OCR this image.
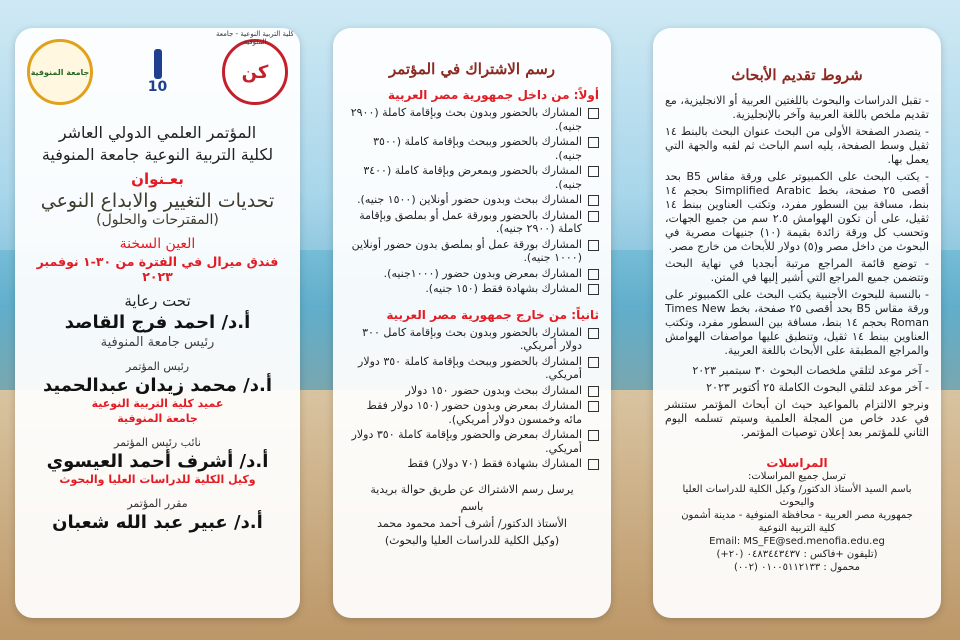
جامعة المنوفية
10
كلية التربية النوعية - جامعة المنوفية
كن
المؤتمر العلمي الدولي العاشر
لكلية التربية النوعية جامعة المنوفية
بعـنوان
تحديات التغيير والابداع النوعي
(المقترحات والحلول)
العين السخنة
فندق ميرال في الفترة من ٣٠-١ نوفمبر ٢٠٢٣
تحت رعاية
أ.د/ احمد فرج القاصد
رئيس جامعة المنوفية
رئيس المؤتمر
أ.د/ محمد زيدان عبدالحميد
عميد كلية التربية النوعية
جامعة المنوفية
نائب رئيس المؤتمر
أ.د/ أشرف أحمد العيسوي
وكيل الكلية للدراسات العليا والبحوث
مقرر المؤتمر
أ.د/ عبير عبد الله شعبان
رسم الاشتراك في المؤتمر
أولاً: من داخل جمهورية مصر العربية
المشارك بالحضور وبدون بحث وبإقامة كاملة (٢٩٠٠ جنيه).
المشارك بالحضور وببحث وبإقامة كاملة (٣٥٠٠ جنيه).
المشارك بالحضور وبمعرض وبإقامة كاملة (٣٤٠٠ جنيه).
المشارك ببحث وبدون حضور أونلاين (١٥٠٠ جنيه).
المشارك بالحضور وبورقة عمل أو بملصق وبإقامة كاملة (٢٩٠٠ جنيه).
المشارك بورقة عمل أو بملصق بدون حضور أونلاين (١٠٠٠ جنيه).
المشارك بمعرض وبدون حضور (١٠٠٠جنيه).
المشارك بشهادة فقط (١٥٠ جنيه).
ثانياً: من خارج جمهورية مصر العربية
المشارك بالحضور وبدون بحث وبإقامة كامل ٣٠٠ دولار أمريكي.
المشارك بالحضور وببحث وبإقامة كاملة ٣٥٠ دولار أمريكي.
المشارك ببحث وبدون حضور ١٥٠ دولار
المشارك بمعرض وبدون حضور (١٥٠ دولار فقط مائه وخمسون دولار أمريكي).
المشارك بمعرض والحضور وبإقامة كاملة ٣٥٠ دولار أمريكي.
المشارك بشهادة فقط (٧٠ دولار) فقط
يرسل رسم الاشتراك عن طريق حوالة بريدية
باسم
الأستاذ الدكتور/ أشرف أحمد محمود محمد
(وكيل الكلية للدراسات العليا والبحوث)
شروط تقديم الأبحاث
- تقبل الدراسات والبحوث باللغتين العربية أو الانجليزية، مع تقديم ملخص باللغة العربية وآخر بالإنجليزية.
- يتصدر الصفحة الأولى من البحث عنوان البحث بالبنط ١٤ ثقيل وسط الصفحة، يليه اسم الباحث ثم لقبه والجهة التي يعمل بها.
- يكتب البحث على الكمبيوتر على ورقة مقاس B5 بحد أقصى ٢٥ صفحة، بخط Simplified Arabic بحجم ١٤ بنط، مسافة بين السطور مفرد، وتكتب العناوين ببنط ١٤ ثقيل، على أن تكون الهوامش ٢.٥ سم من جميع الجهات، وتحسب كل ورقة زائدة بقيمة (١٠) جنيهات مصرية في البحوث من داخل مصر و(٥) دولار للأبحاث من خارج مصر.
- توضع قائمة المراجع مرتبة أبجديا في نهاية البحث وتتضمن جميع المراجع التي أشير إليها في المتن.
- بالنسبة للبحوث الأجنبية يكتب البحث على الكمبيوتر على ورقة مقاس B5 بحد أقصى ٢٥ صفحة، بخط Times New Roman بحجم ١٤ بنط، مسافة بين السطور مفرد، وتكتب العناوين ببنط ١٤ ثقيل، وتنطبق عليها مواصفات الهوامش والمراجع المطبقة على الأبحاث باللغة العربية.
- آخر موعد لتلقي ملخصات البحوث ٣٠ سبتمبر ٢٠٢٣
- آخر موعد لتلقي البحوث الكاملة ٢٥ أكتوبر ٢٠٢٣
ونرجو الالتزام بالمواعيد حيث ان أبحاث المؤتمر ستنشر في عدد خاص من المجلة العلمية وسيتم تسلمه اليوم الثاني للمؤتمر بعد إعلان توصيات المؤتمر.
المراسلات
ترسل جميع المراسلات:
باسم السيد الأستاذ الدكتور/ وكيل الكلية للدراسات العليا والبحوث
جمهورية مصر العربية - محافظة المنوفية - مدينة أشمون
كلية التربية النوعية
Email: MS_FE@sed.menofia.edu.eg
(تليفون +فاكس : ٠٤٨٣٤٤٣٤٣٧ (٢٠+)
محمول : ٠١٠٠٥١١٢١٣٣ (٠٠٢)
